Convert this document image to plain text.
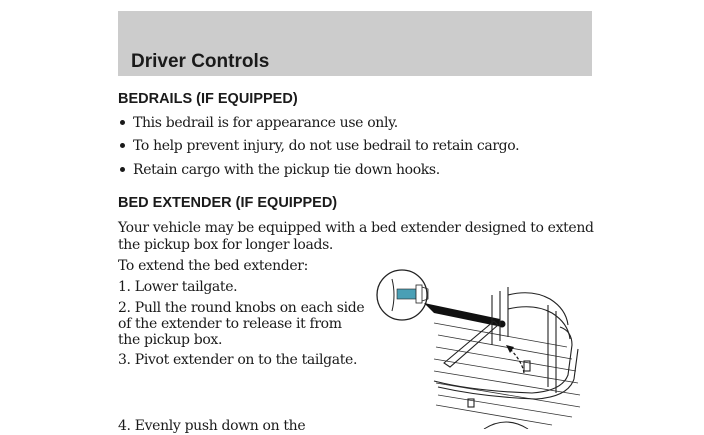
Driver Controls
BEDRAILS (IF EQUIPPED)
This bedrail is for appearance use only.
To help prevent injury, do not use bedrail to retain cargo.
Retain cargo with the pickup tie down hooks.
BED EXTENDER (IF EQUIPPED)
Your vehicle may be equipped with a bed extender designed to extend
the pickup box for longer loads.
To extend the bed extender:
1. Lower tailgate.
2. Pull the round knobs on each side
of the extender to release it from
the pickup box.
3. Pivot extender on to the tailgate.
4. Evenly push down on the
